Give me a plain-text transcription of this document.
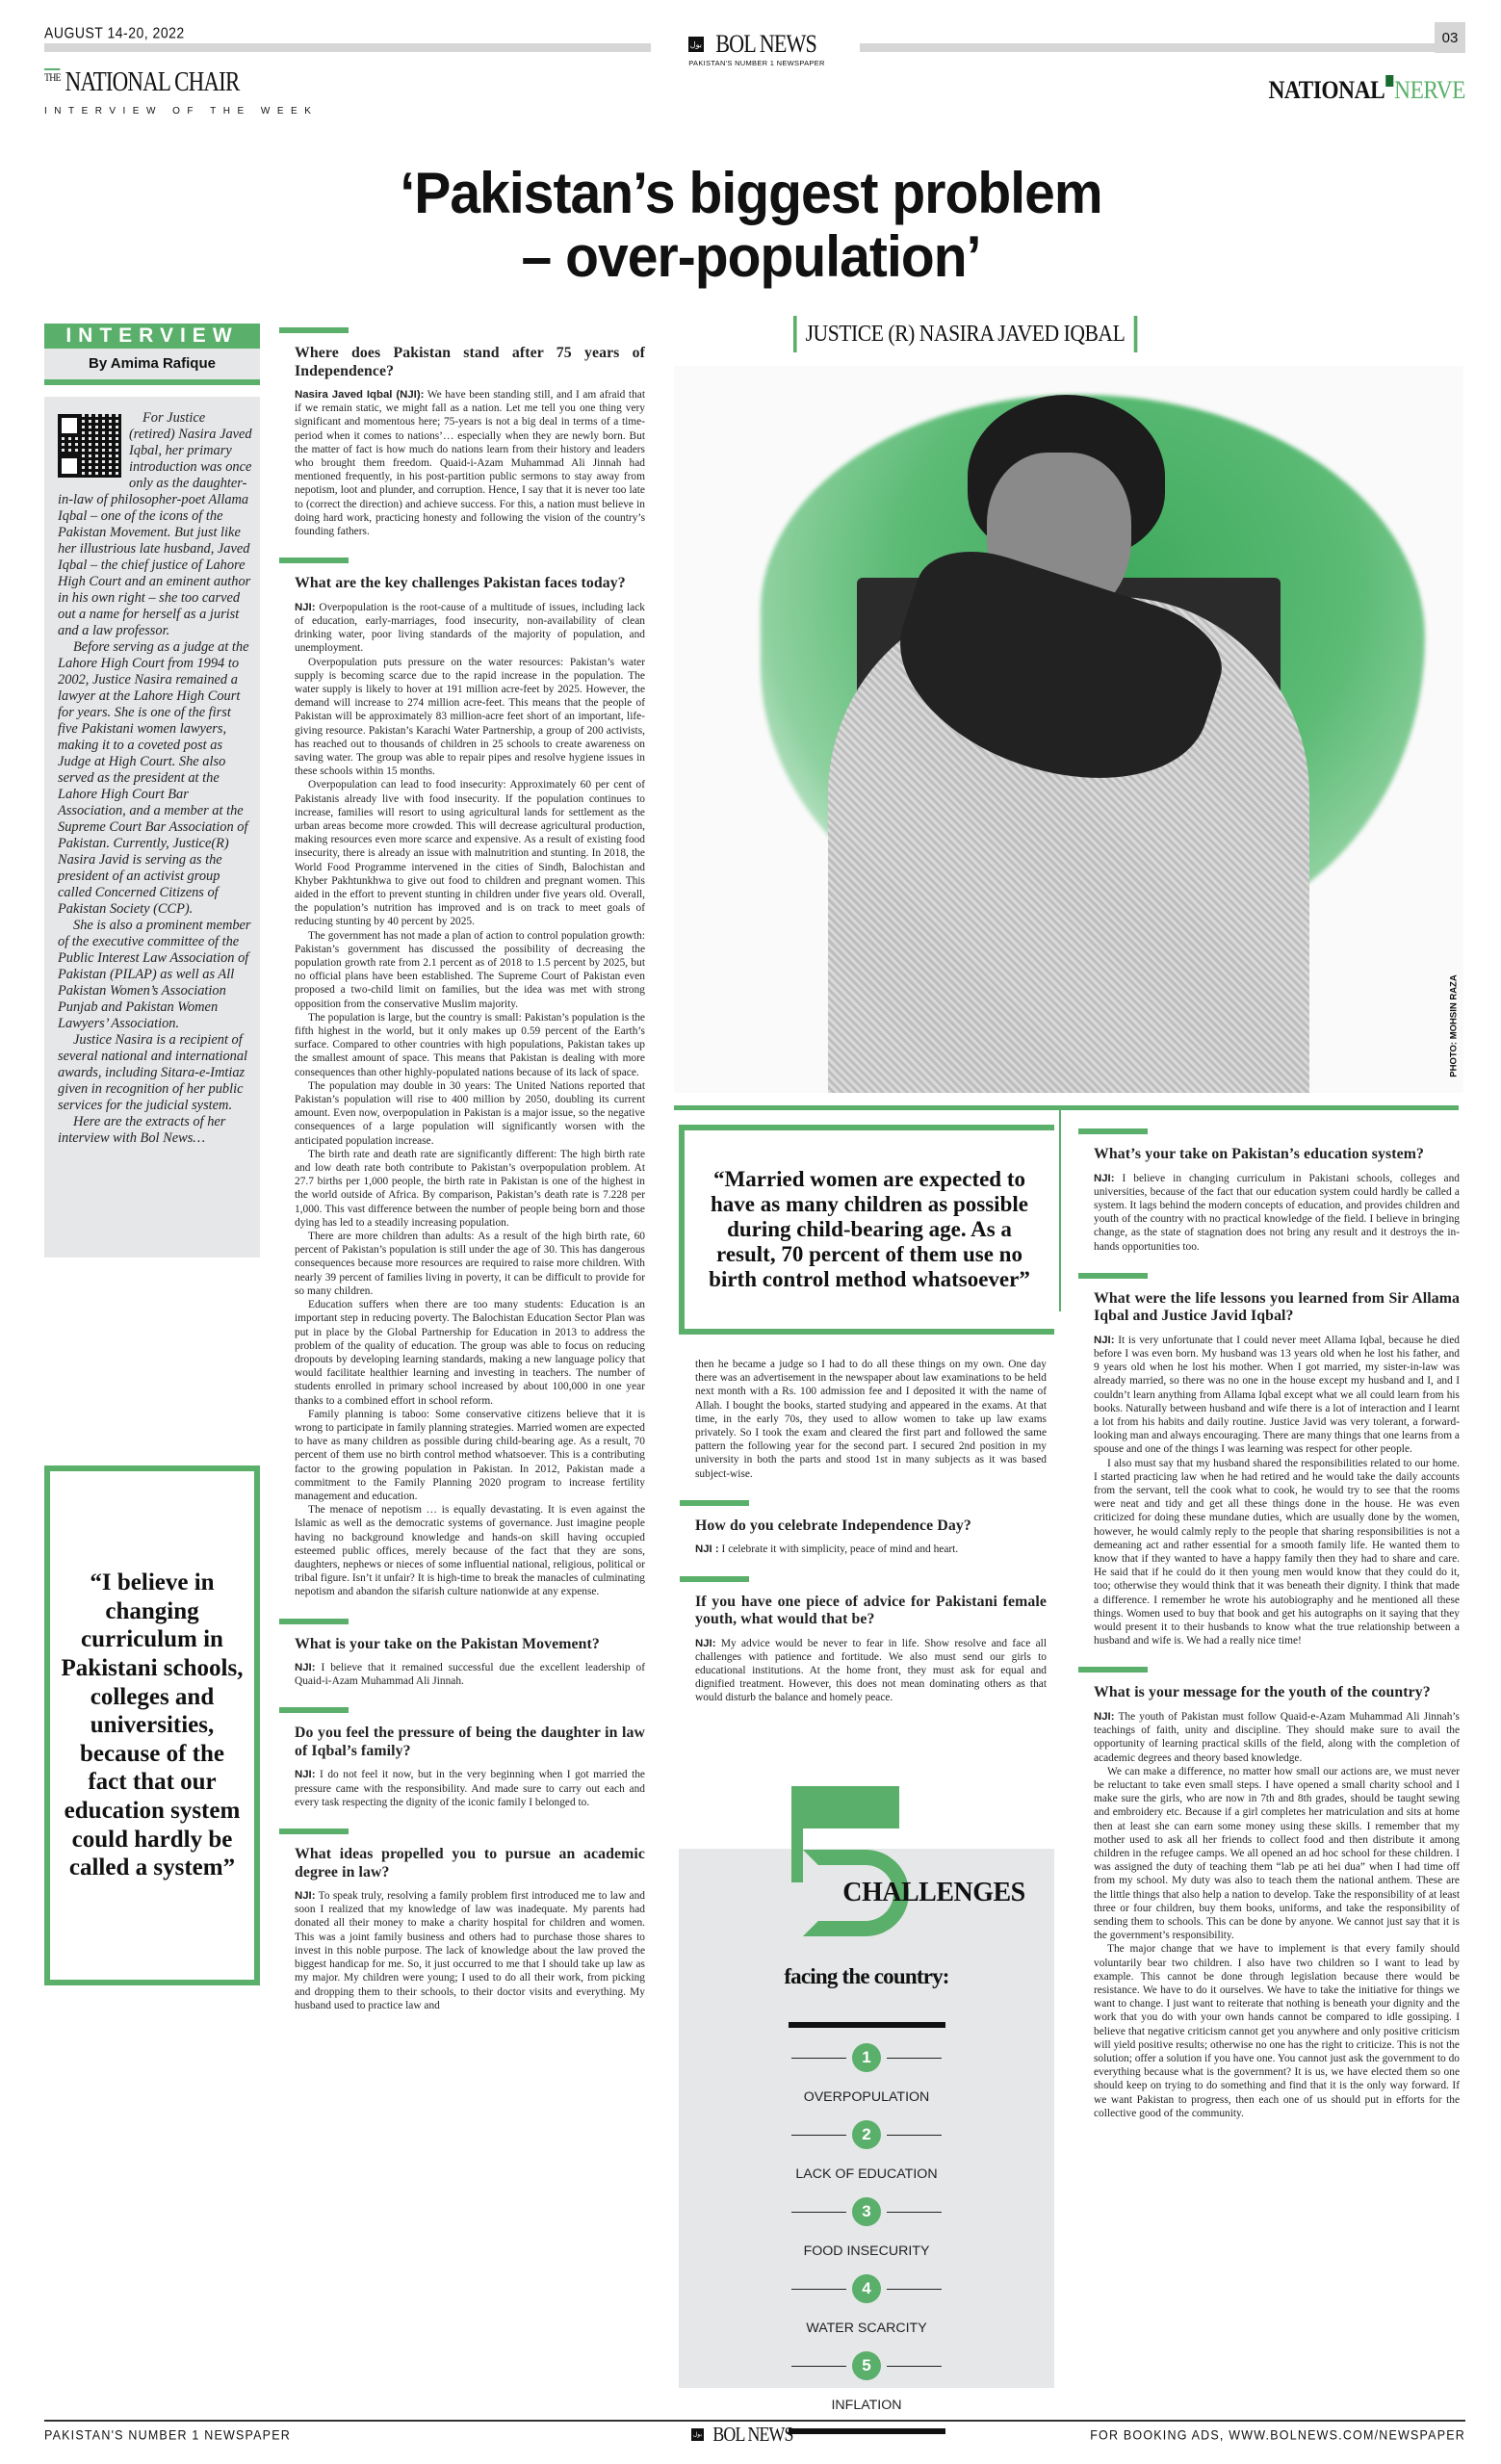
AUGUST 14-20, 2022	03
بول BOL NEWS
PAKISTAN'S NUMBER 1 NEWSPAPER
$^{THE}$ NATIONAL CHAIR
INTERVIEW OF THE WEEK
NATIONAL NERVE
‘Pakistan’s biggest problem
– over-population’
INTERVIEW
By Amima Rafique

For Justice (retired) Nasira Javed Iqbal, her primary introduction was once only as the daughter-in-law of philosopher-poet Allama Iqbal – one of the icons of the Pakistan Movement. But just like her illustrious late husband, Javed Iqbal – the chief justice of Lahore High Court and an eminent author in his own right – she too carved out a name for herself as a jurist and a law professor.

Before serving as a judge at the Lahore High Court from 1994 to 2002, Justice Nasira remained a lawyer at the Lahore High Court for years. She is one of the first five Pakistani women lawyers, making it to a coveted post as Judge at High Court. She also served as the president at the Lahore High Court Bar Association, and a member at the Supreme Court Bar Association of Pakistan. Currently, Justice(R) Nasira Javid is serving as the president of an activist group called Concerned Citizens of Pakistan Society (CCP).

She is also a prominent member of the executive committee of the Public Interest Law Association of Pakistan (PILAP) as well as All Pakistan Women’s Association Punjab and Pakistan Women Lawyers’ Association.

Justice Nasira is a recipient of several national and international awards, including Sitara-e-Imtiaz given in recognition of her public services for the judicial system.

Here are the extracts of her interview with Bol News…

“I believe in changing curriculum in Pakistani schools, colleges and universities, because of the fact that our education system could hardly be called a system”
Where does Pakistan stand after 75 years of Independence?

Nasira Javed Iqbal (NJI): We have been standing still, and I am afraid that if we remain static, we might fall as a nation. Let me tell you one thing very significant and momentous here; 75-years is not a big deal in terms of a time-period when it comes to nations’… especially when they are newly born. But the matter of fact is how much do nations learn from their history and leaders who brought them freedom. Quaid-i-Azam Muhammad Ali Jinnah had mentioned frequently, in his post-partition public sermons to stay away from nepotism, loot and plunder, and corruption. Hence, I say that it is never too late to (correct the direction) and achieve success. For this, a nation must believe in doing hard work, practicing honesty and following the vision of the country’s founding fathers.

What are the key challenges Pakistan faces today?

NJI: Overpopulation is the root-cause of a multitude of issues, including lack of education, early-marriages, food insecurity, non-availability of clean drinking water, poor living standards of the majority of population, and unemployment.

Overpopulation puts pressure on the water resources: Pakistan’s water supply is becoming scarce due to the rapid increase in the population. The water supply is likely to hover at 191 million acre-feet by 2025. However, the demand will increase to 274 million acre-feet. This means that the people of Pakistan will be approximately 83 million-acre feet short of an important, life-giving resource. Pakistan’s Karachi Water Partnership, a group of 200 activists, has reached out to thousands of children in 25 schools to create awareness on saving water. The group was able to repair pipes and resolve hygiene issues in these schools within 15 months.

Overpopulation can lead to food insecurity: Approximately 60 per cent of Pakistanis already live with food insecurity. If the population continues to increase, families will resort to using agricultural lands for settlement as the urban areas become more crowded. This will decrease agricultural production, making resources even more scarce and expensive. As a result of existing food insecurity, there is already an issue with malnutrition and stunting. In 2018, the World Food Programme intervened in the cities of Sindh, Balochistan and Khyber Pakhtunkhwa to give out food to children and pregnant women. This aided in the effort to prevent stunting in children under five years old. Overall, the population’s nutrition has improved and is on track to meet goals of reducing stunting by 40 percent by 2025.

The government has not made a plan of action to control population growth: Pakistan’s government has discussed the possibility of decreasing the population growth rate from 2.1 percent as of 2018 to 1.5 percent by 2025, but no official plans have been established. The Supreme Court of Pakistan even proposed a two-child limit on families, but the idea was met with strong opposition from the conservative Muslim majority.

The population is large, but the country is small: Pakistan’s population is the fifth highest in the world, but it only makes up 0.59 percent of the Earth’s surface. Compared to other countries with high populations, Pakistan takes up the smallest amount of space. This means that Pakistan is dealing with more consequences than other highly-populated nations because of its lack of space.

The population may double in 30 years: The United Nations reported that Pakistan’s population will rise to 400 million by 2050, doubling its current amount. Even now, overpopulation in Pakistan is a major issue, so the negative consequences of a large population will significantly worsen with the anticipated population increase.

The birth rate and death rate are significantly different: The high birth rate and low death rate both contribute to Pakistan’s overpopulation problem. At 27.7 births per 1,000 people, the birth rate in Pakistan is one of the highest in the world outside of Africa. By comparison, Pakistan’s death rate is 7.228 per 1,000. This vast difference between the number of people being born and those dying has led to a steadily increasing population.

There are more children than adults: As a result of the high birth rate, 60 percent of Pakistan’s population is still under the age of 30. This has dangerous consequences because more resources are required to raise more children. With nearly 39 percent of families living in poverty, it can be difficult to provide for so many children.

Education suffers when there are too many students: Education is an important step in reducing poverty. The Balochistan Education Sector Plan was put in place by the Global Partnership for Education in 2013 to address the problem of the quality of education. The group was able to focus on reducing dropouts by developing learning standards, making a new language policy that would facilitate healthier learning and investing in teachers. The number of students enrolled in primary school increased by about 100,000 in one year thanks to a combined effort in school reform.

Family planning is taboo: Some conservative citizens believe that it is wrong to participate in family planning strategies. Married women are expected to have as many children as possible during child-bearing age. As a result, 70 percent of them use no birth control method whatsoever. This is a contributing factor to the growing population in Pakistan. In 2012, Pakistan made a commitment to the Family Planning 2020 program to increase fertility management and education.

The menace of nepotism … is equally devastating. It is even against the Islamic as well as the democratic systems of governance. Just imagine people having no background knowledge and hands-on skill having occupied esteemed public offices, merely because of the fact that they are sons, daughters, nephews or nieces of some influential national, religious, political or tribal figure. Isn’t it unfair? It is high-time to break the manacles of culminating nepotism and abandon the sifarish culture nationwide at any expense.

What is your take on the Pakistan Movement?

NJI: I believe that it remained successful due the excellent leadership of Quaid-i-Azam Muhammad Ali Jinnah.

Do you feel the pressure of being the daughter in law of Iqbal’s family?

NJI: I do not feel it now, but in the very beginning when I got married the pressure came with the responsibility. And made sure to carry out each and every task respecting the dignity of the iconic family I belonged to.

What ideas propelled you to pursue an academic degree in law?

NJI: To speak truly, resolving a family problem first introduced me to law and soon I realized that my knowledge of law was inadequate. My parents had donated all their money to make a charity hospital for children and women. This was a joint family business and others had to purchase those shares to invest in this noble purpose. The lack of knowledge about the law proved the biggest handicap for me. So, it just occurred to me that I should take up law as my major. My children were young; I used to do all their work, from picking and dropping them to their schools, to their doctor visits and everything. My husband used to practice law and

JUSTICE (R) NASIRA JAVED IQBAL
PHOTO: MOHSIN RAZA
“Married women are expected to have as many children as possible during child-bearing age. As a result, 70 percent of them use no birth control method whatsoever”

then he became a judge so I had to do all these things on my own. One day there was an advertisement in the newspaper about law examinations to be held next month with a Rs. 100 admission fee and I deposited it with the name of Allah. I bought the books, started studying and appeared in the exams. At that time, in the early 70s, they used to allow women to take up law exams privately. So I took the exam and cleared the first part and followed the same pattern the following year for the second part. I secured 2nd position in my university in both the parts and stood 1st in many subjects as it was based subject-wise.

How do you celebrate Independence Day?

NJI : I celebrate it with simplicity, peace of mind and heart.

If you have one piece of advice for Pakistani female youth, what would that be?

NJI: My advice would be never to fear in life. Show resolve and face all challenges with patience and fortitude. We also must send our girls to educational institutions. At the home front, they must ask for equal and dignified treatment. However, this does not mean dominating others as that would disturb the balance and homely peace.

CHALLENGES
facing the country:
1
OVERPOPULATION
2
LACK OF EDUCATION
3
FOOD INSECURITY
4
WATER SCARCITY
5
INFLATION
What’s your take on Pakistan’s education system?

NJI: I believe in changing curriculum in Pakistani schools, colleges and universities, because of the fact that our education system could hardly be called a system. It lags behind the modern concepts of education, and provides children and youth of the country with no practical knowledge of the field. I believe in bringing change, as the state of stagnation does not bring any result and it destroys the in-hands opportunities too.

What were the life lessons you learned from Sir Allama Iqbal and Justice Javid Iqbal?

NJI: It is very unfortunate that I could never meet Allama Iqbal, because he died before I was even born. My husband was 13 years old when he lost his father, and 9 years old when he lost his mother. When I got married, my sister-in-law was already married, so there was no one in the house except my husband and I, and I couldn’t learn anything from Allama Iqbal except what we all could learn from his books. Naturally between husband and wife there is a lot of interaction and I learnt a lot from his habits and daily routine. Justice Javid was very tolerant, a forward-looking man and always encouraging. There are many things that one learns from a spouse and one of the things I was learning was respect for other people.

I also must say that my husband shared the responsibilities related to our home. I started practicing law when he had retired and he would take the daily accounts from the servant, tell the cook what to cook, he would try to see that the rooms were neat and tidy and get all these things done in the house. He was even criticized for doing these mundane duties, which are usually done by the women, however, he would calmly reply to the people that sharing responsibilities is not a demeaning act and rather essential for a smooth family life. He wanted them to know that if they wanted to have a happy family then they had to share and care. He said that if he could do it then young men would know that they could do it, too; otherwise they would think that it was beneath their dignity. I think that made a difference. I remember he wrote his autobiography and he mentioned all these things. Women used to buy that book and get his autographs on it saying that they would present it to their husbands to know what the true relationship between a husband and wife is. We had a really nice time!

What is your message for the youth of the country?

NJI: The youth of Pakistan must follow Quaid-e-Azam Muhammad Ali Jinnah’s teachings of faith, unity and discipline. They should make sure to avail the opportunity of learning practical skills of the field, along with the completion of academic degrees and theory based knowledge.

We can make a difference, no matter how small our actions are, we must never be reluctant to take even small steps. I have opened a small charity school and I make sure the girls, who are now in 7th and 8th grades, should be taught sewing and embroidery etc. Because if a girl completes her matriculation and sits at home then at least she can earn some money using these skills. I remember that my mother used to ask all her friends to collect food and then distribute it among children in the refugee camps. We all opened an ad hoc school for these children. I was assigned the duty of teaching them “lab pe ati hei dua” when I had time off from my school. My duty was also to teach them the national anthem. These are the little things that also help a nation to develop. Take the responsibility of at least three or four children, buy them books, uniforms, and take the responsibility of sending them to schools. This can be done by anyone. We cannot just say that it is the government’s responsibility.

The major change that we have to implement is that every family should voluntarily bear two children. I also have two children so I want to lead by example. This cannot be done through legislation because there would be resistance. We have to do it ourselves. We have to take the initiative for things we want to change. I just want to reiterate that nothing is beneath your dignity and the work that you do with your own hands cannot be compared to idle gossiping. I believe that negative criticism cannot get you anywhere and only positive criticism will yield positive results; otherwise no one has the right to criticize. This is not the solution; offer a solution if you have one. You cannot just ask the government to do everything because what is the government? It is us, we have elected them so one should keep on trying to do something and find that it is the only way forward. If we want Pakistan to progress, then each one of us should put in efforts for the collective good of the community.

PAKISTAN'S NUMBER 1 NEWSPAPER	بول BOL NEWS	FOR BOOKING ADS, WWW.BOLNEWS.COM/NEWSPAPER
